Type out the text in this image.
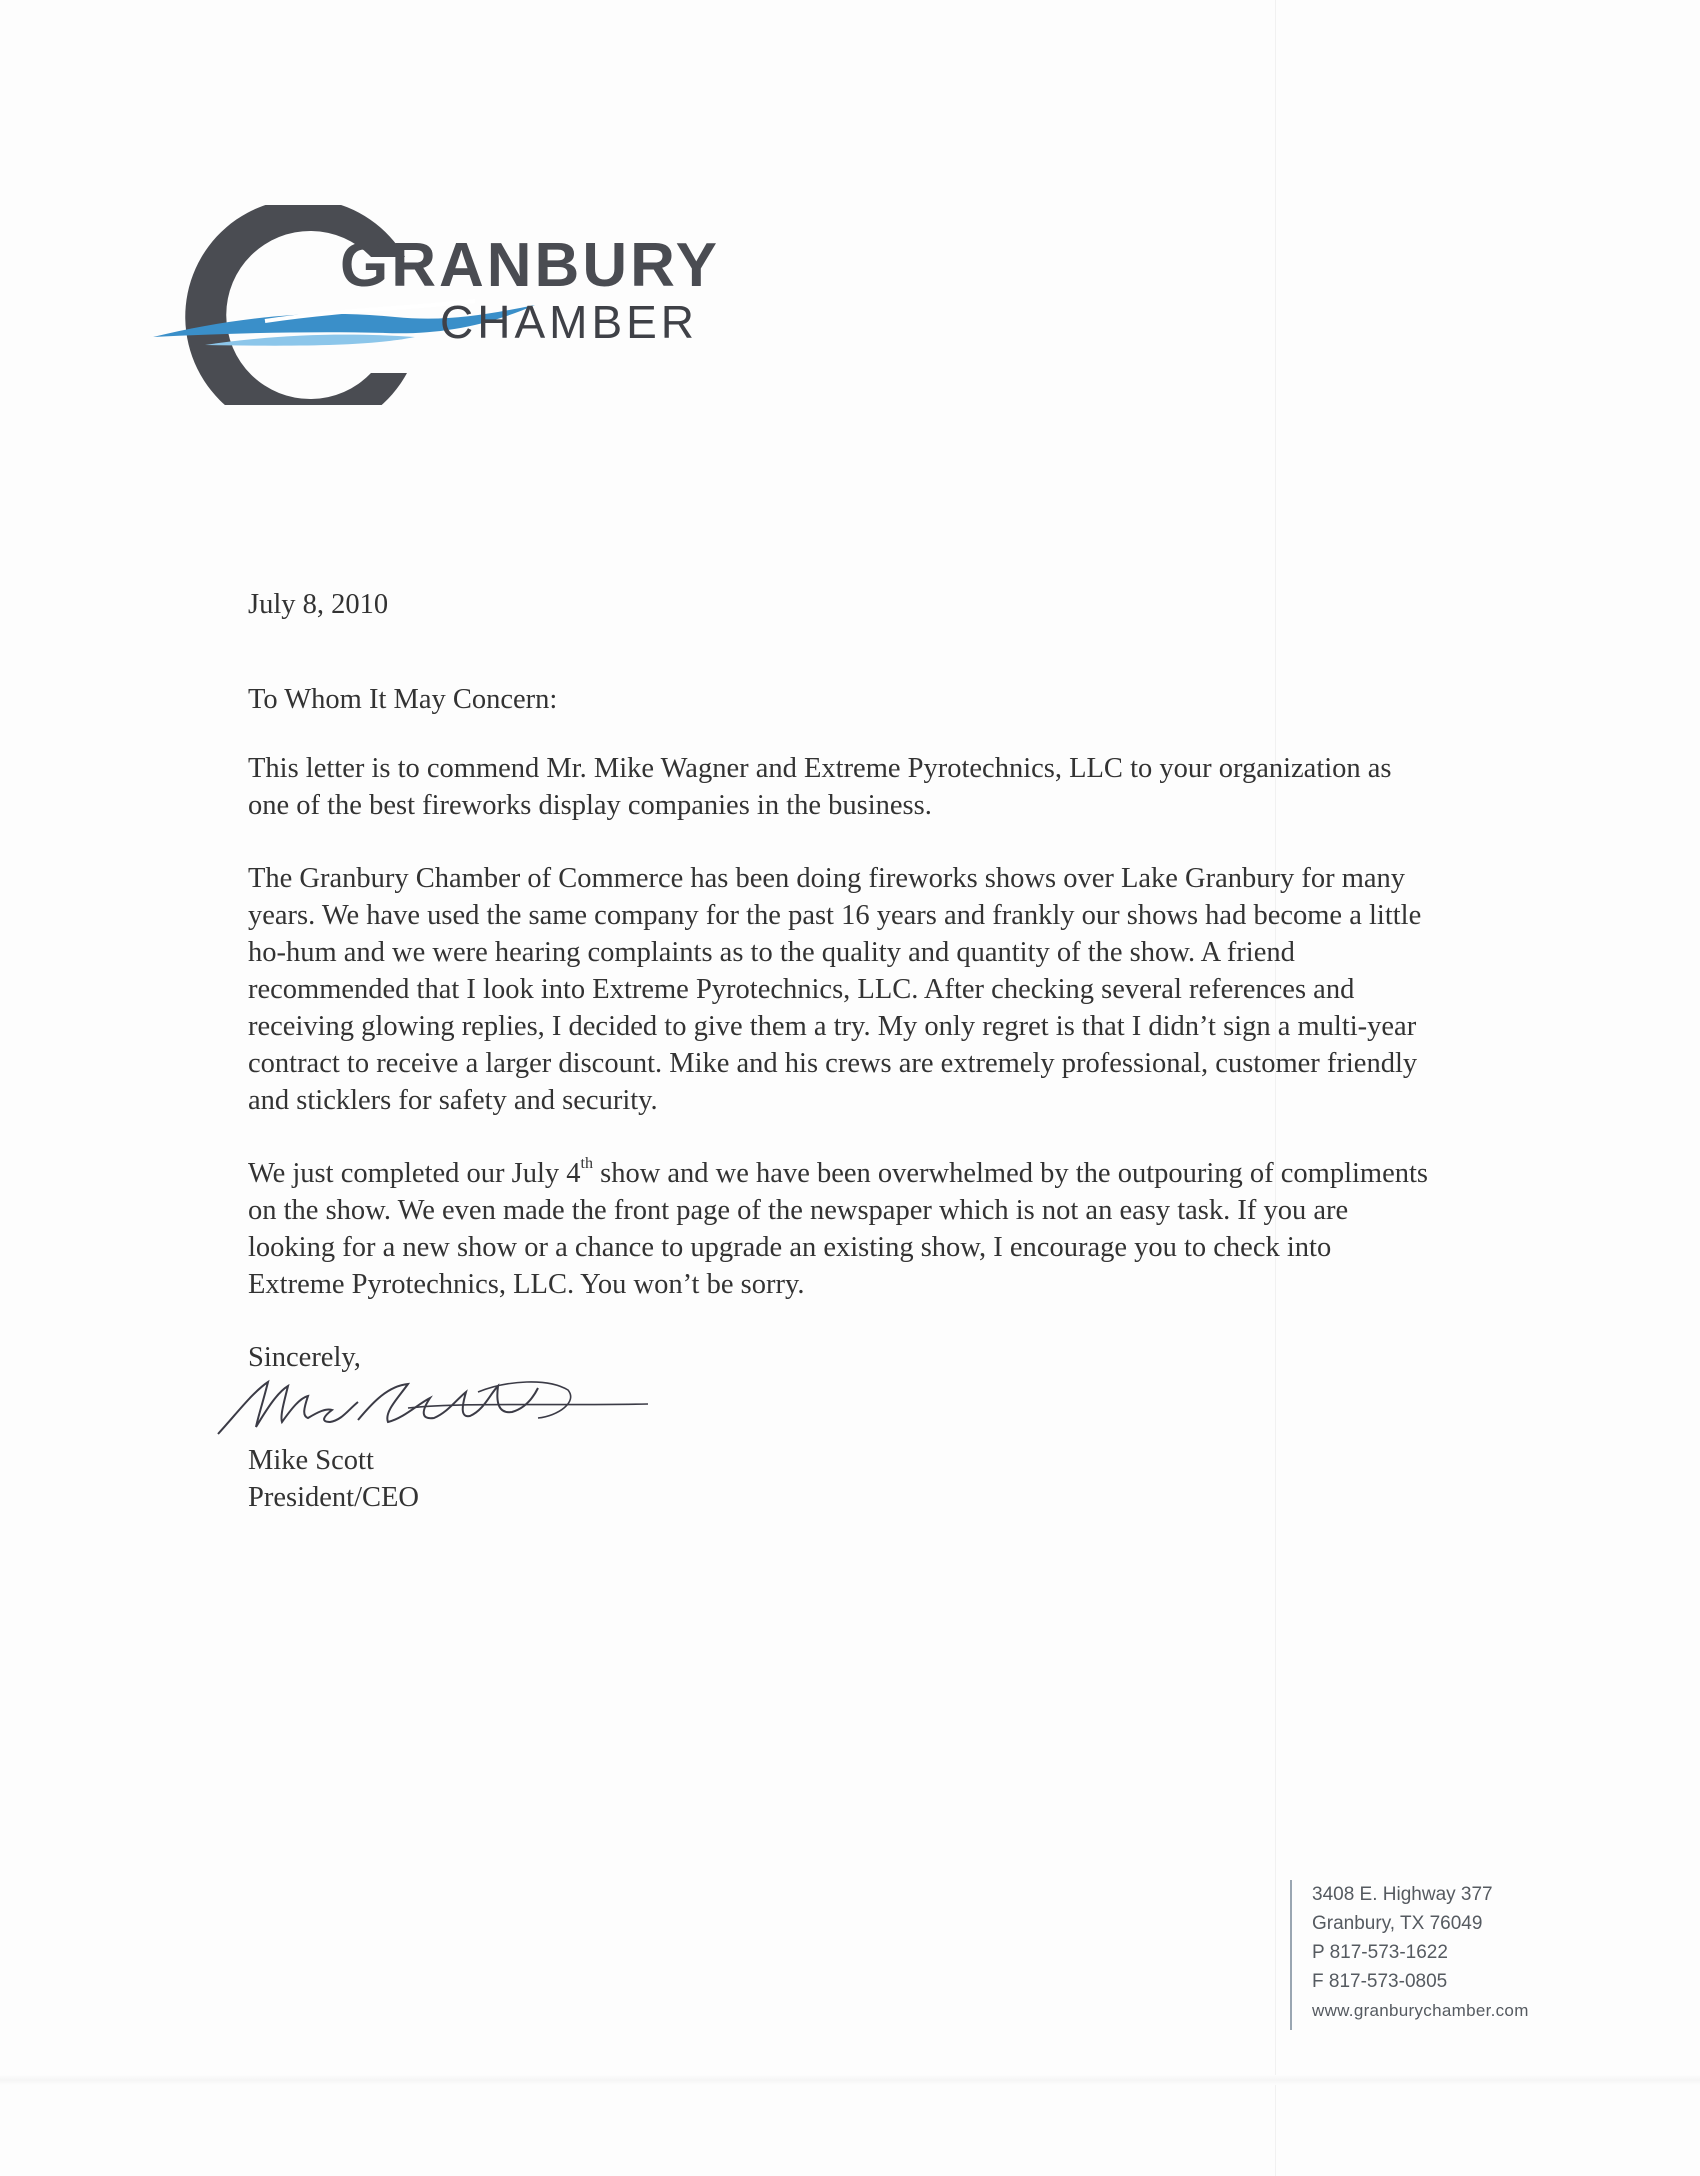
GRANBURY
CHAMBER

July 8, 2010

To Whom It May Concern:

This letter is to commend Mr. Mike Wagner and Extreme Pyrotechnics, LLC to your organization as one of the best fireworks display companies in the business.

The Granbury Chamber of Commerce has been doing fireworks shows over Lake Granbury for many years. We have used the same company for the past 16 years and frankly our shows had become a little ho-hum and we were hearing complaints as to the quality and quantity of the show. A friend recommended that I look into Extreme Pyrotechnics, LLC. After checking several references and receiving glowing replies, I decided to give them a try. My only regret is that I didn’t sign a multi-year contract to receive a larger discount. Mike and his crews are extremely professional, customer friendly and sticklers for safety and security.

We just completed our July 4th show and we have been overwhelmed by the outpouring of compliments on the show. We even made the front page of the newspaper which is not an easy task. If you are looking for a new show or a chance to upgrade an existing show, I encourage you to check into Extreme Pyrotechnics, LLC. You won’t be sorry.

Sincerely,

Mike Scott

President/CEO

3408 E. Highway 377
Granbury, TX 76049
P 817-573-1622
F 817-573-0805
www.granburychamber.com
